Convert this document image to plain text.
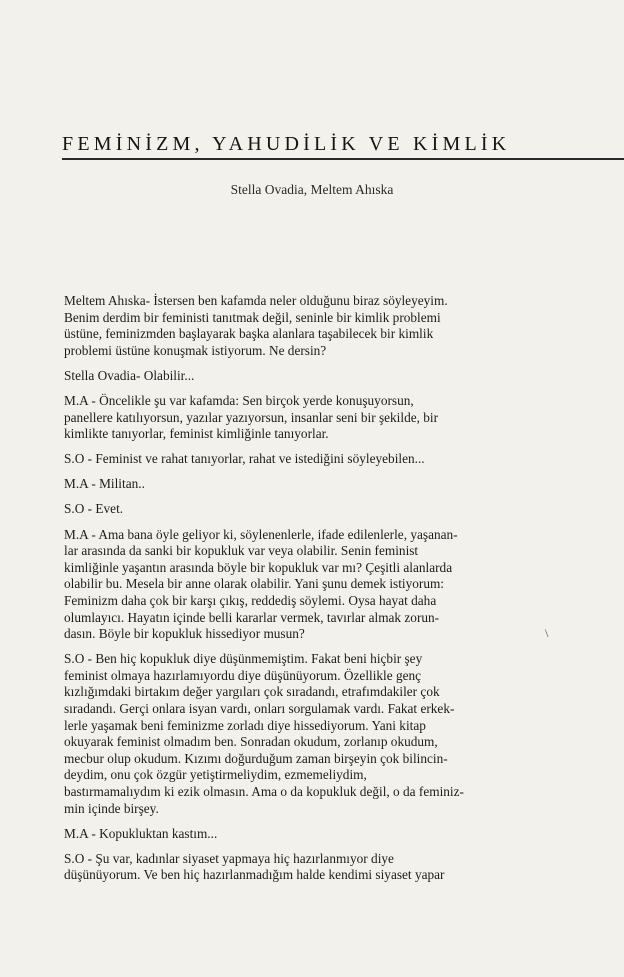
FEMİNİZM, YAHUDİLİK VE KİMLİK
Stella Ovadia, Meltem Ahıska
Meltem Ahıska- İstersen ben kafamda neler olduğunu biraz söyleyeyim.
Benim derdim bir feministi tanıtmak değil, seninle bir kimlik problemi
üstüne, feminizmden başlayarak başka alanlara taşabilecek bir kimlik
problemi üstüne konuşmak istiyorum. Ne dersin?
Stella Ovadia- Olabilir...
M.A - Öncelikle şu var kafamda: Sen birçok yerde konuşuyorsun,
panellere katılıyorsun, yazılar yazıyorsun, insanlar seni bir şekilde, bir
kimlikte tanıyorlar, feminist kimliğinle tanıyorlar.
S.O - Feminist ve rahat tanıyorlar, rahat ve istediğini söyleyebilen...
M.A - Militan..
S.O - Evet.
M.A - Ama bana öyle geliyor ki, söylenenlerle, ifade edilenlerle, yaşanan-
lar arasında da sanki bir kopukluk var veya olabilir. Senin feminist
kimliğinle yaşantın arasında böyle bir kopukluk var mı? Çeşitli alanlarda
olabilir bu. Mesela bir anne olarak olabilir. Yani şunu demek istiyorum:
Feminizm daha çok bir karşı çıkış, reddediş söylemi. Oysa hayat daha
olumlayıcı. Hayatın içinde belli kararlar vermek, tavırlar almak zorun-
dasın. Böyle bir kopukluk hissediyor musun?
S.O - Ben hiç kopukluk diye düşünmemiştim. Fakat beni hiçbir şey
feminist olmaya hazırlamıyordu diye düşünüyorum. Özellikle genç
kızlığımdaki birtakım değer yargıları çok sıradandı, etrafımdakiler çok
sıradandı. Gerçi onlara isyan vardı, onları sorgulamak vardı. Fakat erkek-
lerle yaşamak beni feminizme zorladı diye hissediyorum. Yani kitap
okuyarak feminist olmadım ben. Sonradan okudum, zorlanıp okudum,
mecbur olup okudum. Kızımı doğurduğum zaman birşeyin çok bilincin-
deydim, onu çok özgür yetiştirmeliydim, ezmemeliydim,
bastırmamalıydım ki ezik olmasın. Ama o da kopukluk değil, o da feminiz-
min içinde birşey.
M.A - Kopukluktan kastım...
S.O - Şu var, kadınlar siyaset yapmaya hiç hazırlanmıyor diye
düşünüyorum. Ve ben hiç hazırlanmadığım halde kendimi siyaset yapar
\
